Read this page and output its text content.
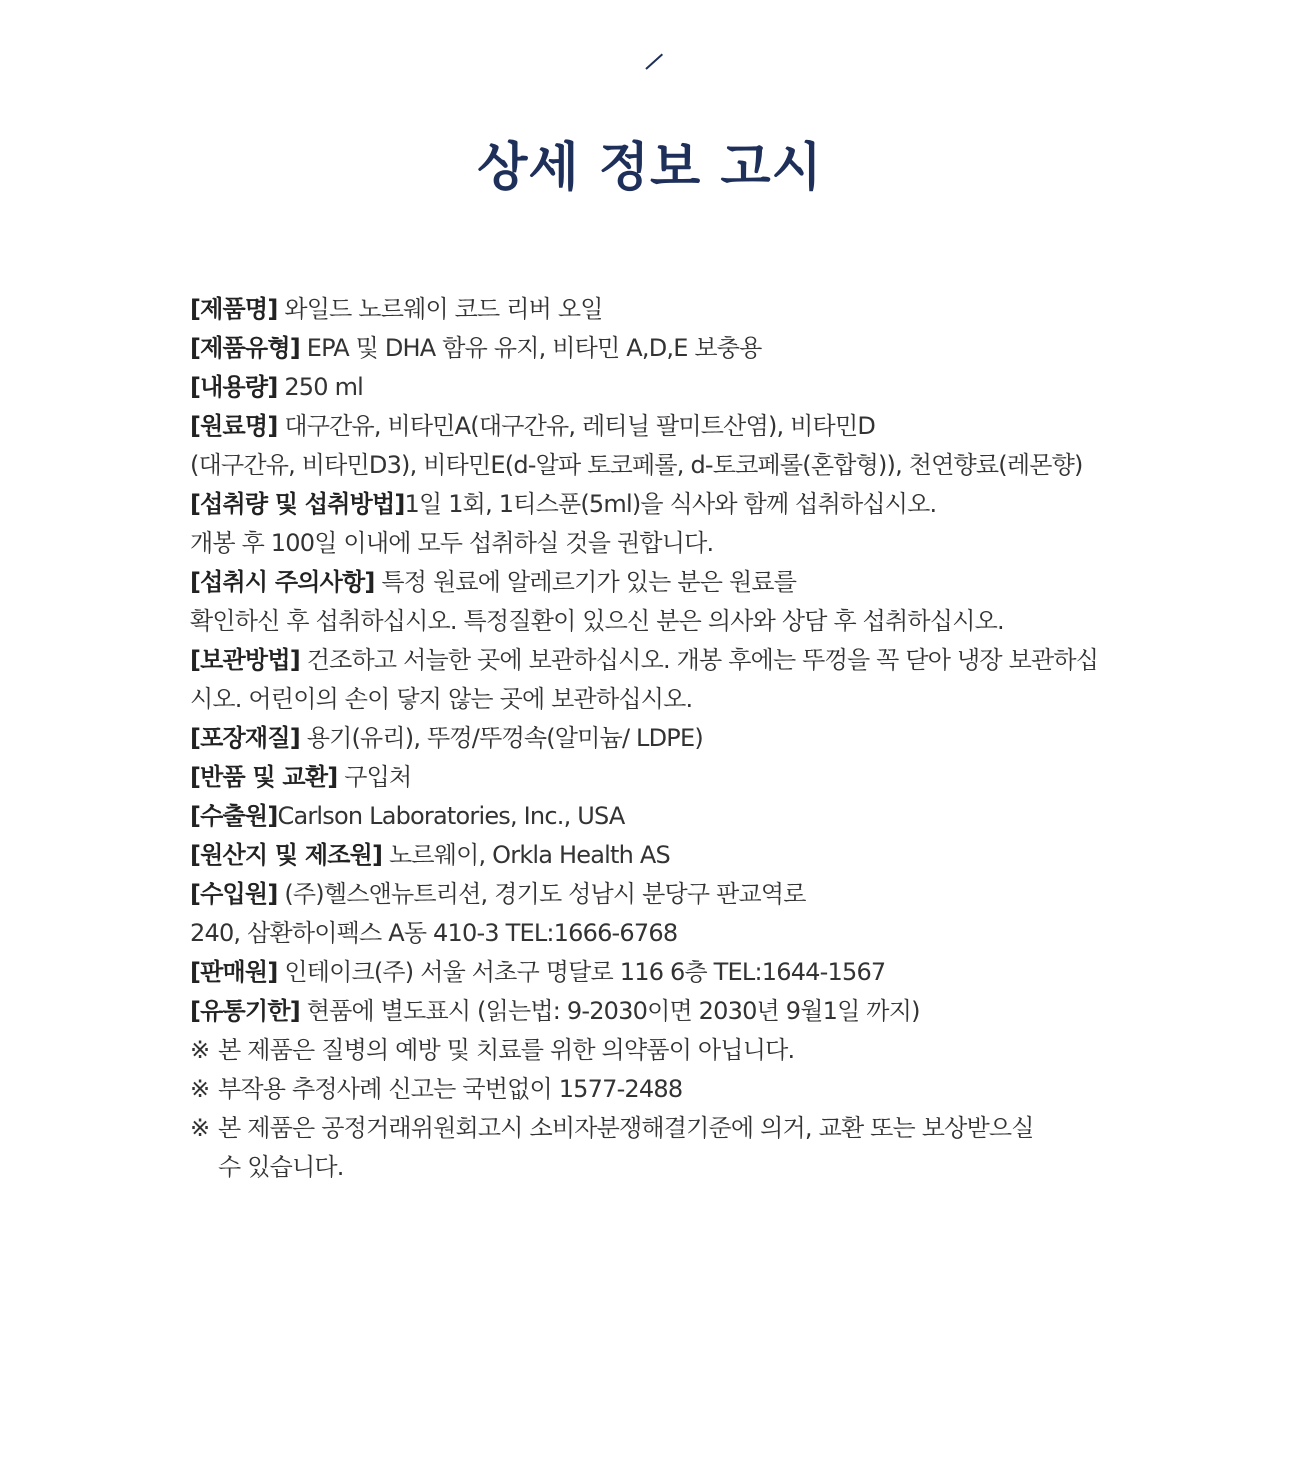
상세 정보 고시
[제품명] 와일드 노르웨이 코드 리버 오일
[제품유형] EPA 및 DHA 함유 유지, 비타민 A,D,E 보충용
[내용량] 250 ml
[원료명] 대구간유, 비타민A(대구간유, 레티닐 팔미트산염), 비타민D
(대구간유, 비타민D3), 비타민E(d-알파 토코페롤, d-토코페롤(혼합형)), 천연향료(레몬향)
[섭취량 및 섭취방법]1일 1회, 1티스푼(5ml)을 식사와 함께 섭취하십시오.
개봉 후 100일 이내에 모두 섭취하실 것을 권합니다.
[섭취시 주의사항] 특정 원료에 알레르기가 있는 분은 원료를
확인하신 후 섭취하십시오. 특정질환이 있으신 분은 의사와 상담 후 섭취하십시오.
[보관방법] 건조하고 서늘한 곳에 보관하십시오. 개봉 후에는 뚜껑을 꼭 닫아 냉장 보관하십
시오. 어린이의 손이 닿지 않는 곳에 보관하십시오.
[포장재질] 용기(유리), 뚜껑/뚜껑속(알미늄/ LDPE)
[반품 및 교환] 구입처
[수출원]Carlson Laboratories, Inc., USA
[원산지 및 제조원] 노르웨이, Orkla Health AS
[수입원] (주)헬스앤뉴트리션, 경기도 성남시 분당구 판교역로
240, 삼환하이펙스 A동 410-3 TEL:1666-6768
[판매원] 인테이크(주) 서울 서초구 명달로 116 6층 TEL:1644-1567
[유통기한] 현품에 별도표시 (읽는법: 9-2030이면 2030년 9월1일 까지)
※ 본 제품은 질병의 예방 및 치료를 위한 의약품이 아닙니다.
※ 부작용 추정사례 신고는 국번없이 1577-2488
※ 본 제품은 공정거래위원회고시 소비자분쟁해결기준에 의거, 교환 또는 보상받으실
수 있습니다.
